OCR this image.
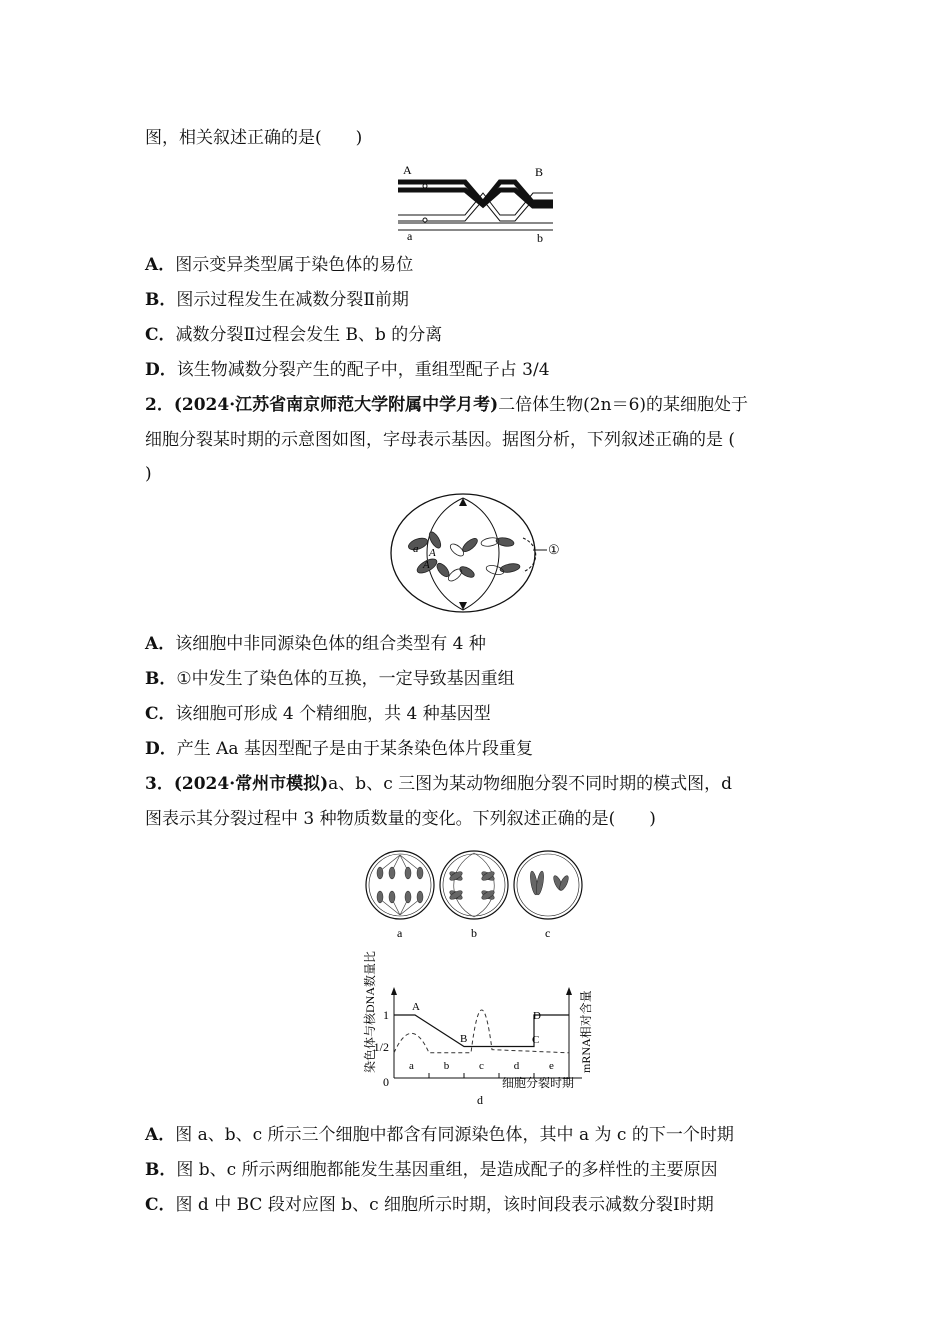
图，相关叙述正确的是(　　)
A	B
a	b
A．图示变异类型属于染色体的易位
B．图示过程发生在减数分裂Ⅱ前期
C．减数分裂Ⅱ过程会发生 B、b 的分离
D．该生物减数分裂产生的配子中，重组型配子占 3/4
2．(2024·江苏省南京师范大学附属中学月考)二倍体生物(2n＝6)的某细胞处于
细胞分裂某时期的示意图如图，字母表示基因。据图分析，下列叙述正确的是 (
)
①
a A
A
A．该细胞中非同源染色体的组合类型有 4 种
B．①中发生了染色体的互换，一定导致基因重组
C．该细胞可形成 4 个精细胞，共 4 种基因型
D．产生 Aa 基因型配子是由于某条染色体片段重复
3．(2024·常州市模拟)a、b、c 三图为某动物细胞分裂不同时期的模式图，d
图表示其分裂过程中 3 种物质数量的变化。下列叙述正确的是(　　)
a	b	c
染色体与核DNA数量比	mRNA相对含量
0
1
1/2
细胞分裂时期
d
a	b	c	d	e
A
B	C
D
A．图 a、b、c 所示三个细胞中都含有同源染色体，其中 a 为 c 的下一个时期
B．图 b、c 所示两细胞都能发生基因重组，是造成配子的多样性的主要原因
C．图 d 中 BC 段对应图 b、c 细胞所示时期，该时间段表示减数分裂Ⅰ时期
